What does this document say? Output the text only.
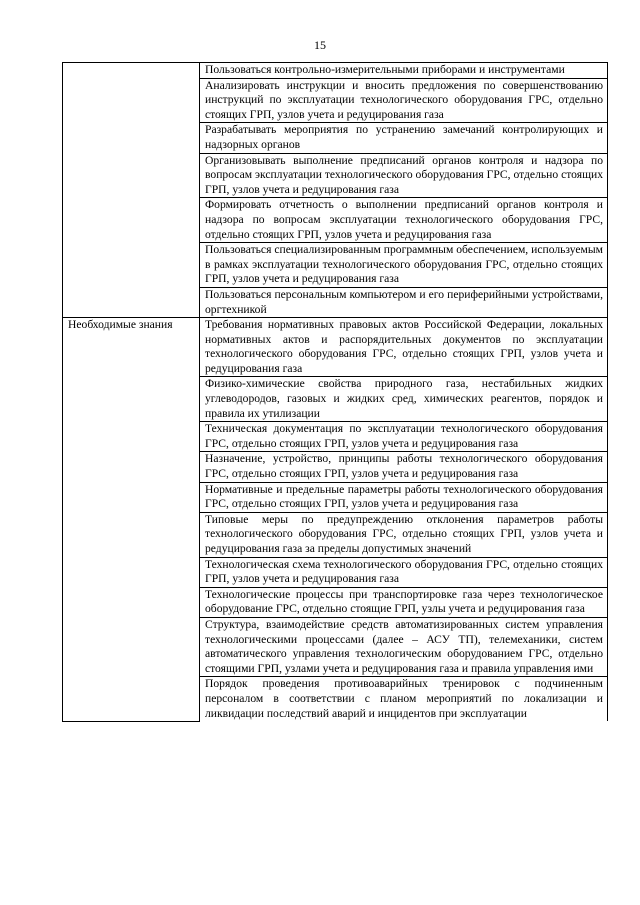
15

	Пользоваться контрольно-измерительными приборами и инструментами

	Анализировать инструкции и вносить предложения по совершенствованию инструкций по эксплуатации технологического оборудования ГРС, отдельно стоящих ГРП, узлов учета и редуцирования газа

	Разрабатывать мероприятия по устранению замечаний контролирующих и надзорных органов

	Организовывать выполнение предписаний органов контроля и надзора по вопросам эксплуатации технологического оборудования ГРС, отдельно стоящих ГРП, узлов учета и редуцирования газа

	Формировать отчетность о выполнении предписаний органов контроля и надзора по вопросам эксплуатации технологического оборудования ГРС, отдельно стоящих ГРП, узлов учета и редуцирования газа

	Пользоваться специализированным программным обеспечением, используемым в рамках эксплуатации технологического оборудования ГРС, отдельно стоящих ГРП, узлов учета и редуцирования газа

	Пользоваться персональным компьютером и его периферийными устройствами, оргтехникой

Необходимые знания	Требования нормативных правовых актов Российской Федерации, локальных нормативных актов и распорядительных документов по эксплуатации технологического оборудования ГРС, отдельно стоящих ГРП, узлов учета и редуцирования газа

	Физико-химические свойства природного газа, нестабильных жидких углеводородов, газовых и жидких сред, химических реагентов, порядок и правила их утилизации

	Техническая документация по эксплуатации технологического оборудования ГРС, отдельно стоящих ГРП, узлов учета и редуцирования газа

	Назначение, устройство, принципы работы технологического оборудования ГРС, отдельно стоящих ГРП, узлов учета и редуцирования газа

	Нормативные и предельные параметры работы технологического оборудования ГРС, отдельно стоящих ГРП, узлов учета и редуцирования газа

	Типовые меры по предупреждению отклонения параметров работы технологического оборудования ГРС, отдельно стоящих ГРП, узлов учета и редуцирования газа за пределы допустимых значений

	Технологическая схема технологического оборудования ГРС, отдельно стоящих ГРП, узлов учета и редуцирования газа

	Технологические процессы при транспортировке газа через технологическое оборудование ГРС, отдельно стоящие ГРП, узлы учета и редуцирования газа

	Структура, взаимодействие средств автоматизированных систем управления технологическими процессами (далее – АСУ ТП), телемеханики, систем автоматического управления технологическим оборудованием ГРС, отдельно стоящими ГРП, узлами учета и редуцирования газа и правила управления ими

	Порядок проведения противоаварийных тренировок с подчиненным персоналом в соответствии с планом мероприятий по локализации и ликвидации последствий аварий и инцидентов при эксплуатации
